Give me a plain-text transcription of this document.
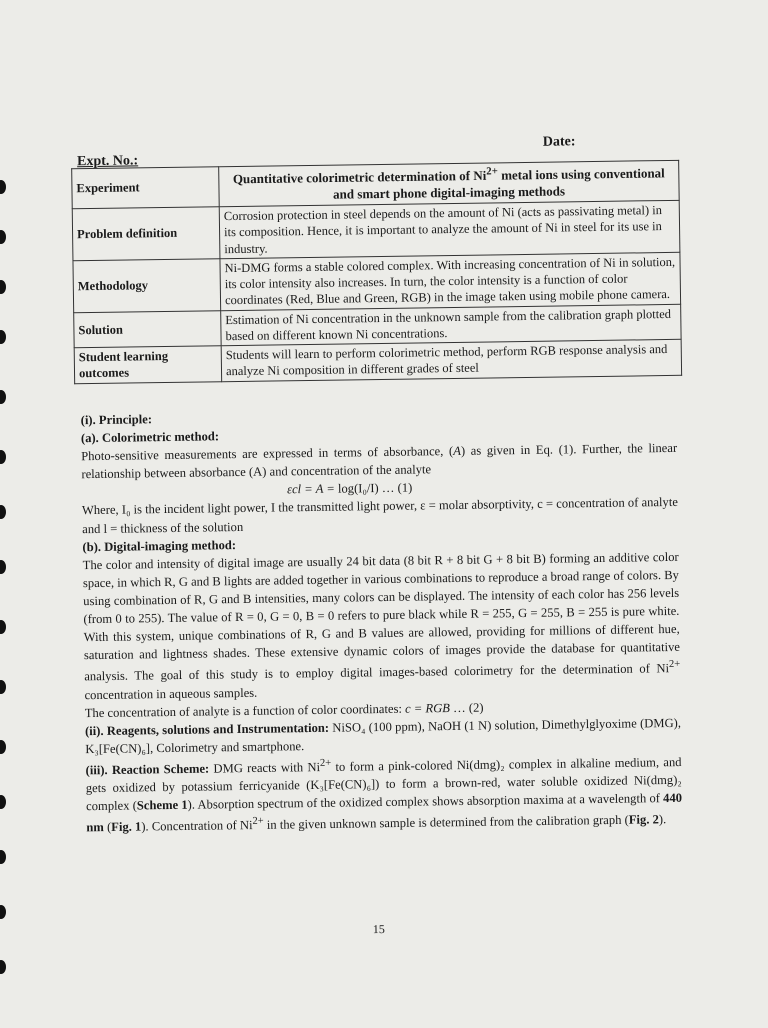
Date:
Expt. No.:
Experiment	Quantitative colorimetric determination of $Ni^{2+}$ metal ions using conventional and smart phone digital-imaging methods
Problem definition	Corrosion protection in steel depends on the amount of Ni (acts as passivating metal) in its composition. Hence, it is important to analyze the amount of Ni in steel for its use in industry.
Methodology	Ni-DMG forms a stable colored complex. With increasing concentration of Ni in solution, its color intensity also increases. In turn, the color intensity is a function of color coordinates (Red, Blue and Green, RGB) in the image taken using mobile phone camera.
Solution	Estimation of Ni concentration in the unknown sample from the calibration graph plotted based on different known Ni concentrations.
Student learning outcomes	Students will learn to perform colorimetric method, perform RGB response analysis and analyze Ni composition in different grades of steel

(i). Principle:

(a). Colorimetric method:

Photo-sensitive measurements are expressed in terms of absorbance, (A) as given in Eq. (1). Further, the linear relationship between absorbance (A) and concentration of the analyte

εcl = A = log(I₀/I) … (1)

Where, I₀ is the incident light power, I the transmitted light power, ε = molar absorptivity, c = concentration of analyte and l = thickness of the solution

(b). Digital-imaging method:

The color and intensity of digital image are usually 24 bit data (8 bit R + 8 bit G + 8 bit B) forming an additive color space, in which R, G and B lights are added together in various combinations to reproduce a broad range of colors. By using combination of R, G and B intensities, many colors can be displayed. The intensity of each color has 256 levels (from 0 to 255). The value of R = 0, G = 0, B = 0 refers to pure black while R = 255, G = 255, B = 255 is pure white. With this system, unique combinations of R, G and B values are allowed, providing for millions of different hue, saturation and lightness shades. These extensive dynamic colors of images provide the database for quantitative analysis. The goal of this study is to employ digital images-based colorimetry for the determination of $Ni^{2+}$ concentration in aqueous samples.

The concentration of analyte is a function of color coordinates: c = RGB … (2)

(ii). Reagents, solutions and Instrumentation: NiSO₄ (100 ppm), NaOH (1 N) solution, Dimethylglyoxime (DMG), K₃[Fe(CN)₆], Colorimetry and smartphone.

(iii). Reaction Scheme: DMG reacts with $Ni^{2+}$ to form a pink-colored Ni(dmg)₂ complex in alkaline medium, and gets oxidized by potassium ferricyanide (K₃[Fe(CN)₆]) to form a brown-red, water soluble oxidized Ni(dmg)₂ complex (Scheme 1). Absorption spectrum of the oxidized complex shows absorption maxima at a wavelength of 440 nm (Fig. 1). Concentration of $Ni^{2+}$ in the given unknown sample is determined from the calibration graph (Fig. 2).

15
